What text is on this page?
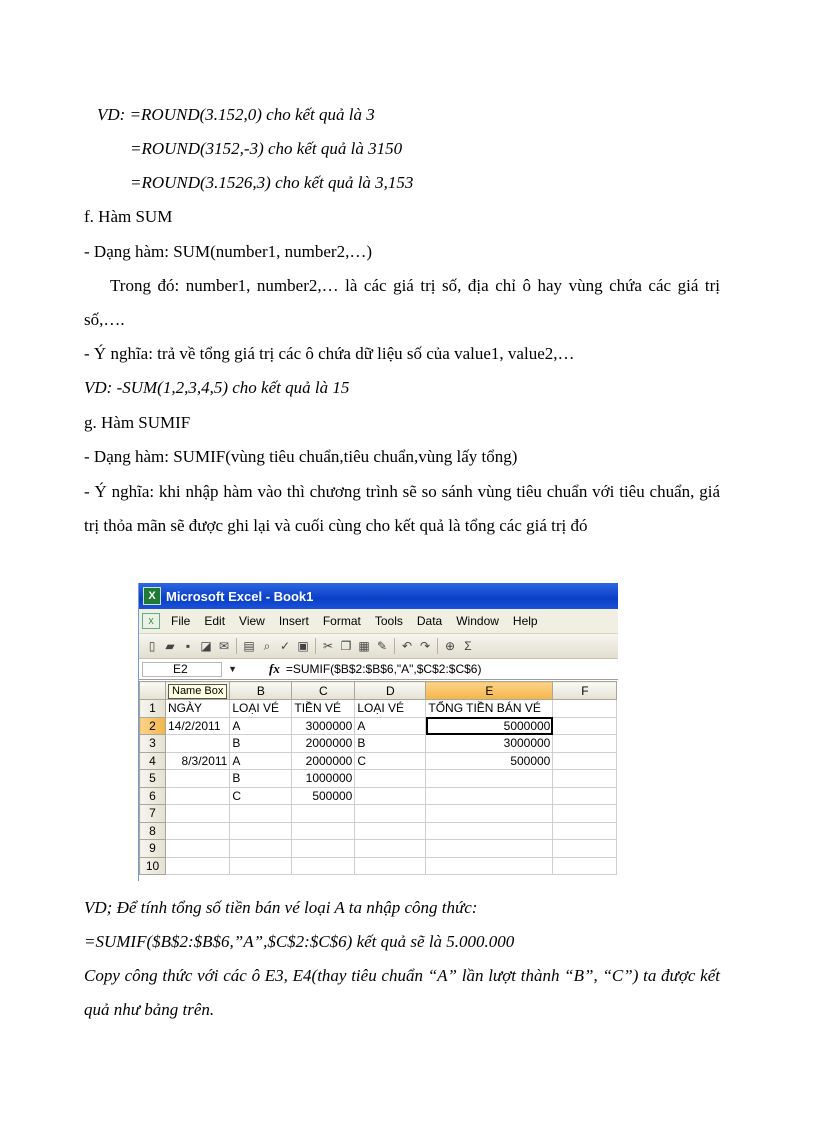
VD: =ROUND(3.152,0) cho kết quả là 3
=ROUND(3152,-3) cho kết quả là 3150
=ROUND(3.1526,3) cho kết quả là 3,153
f. Hàm SUM
- Dạng hàm: SUM(number1, number2,…)
Trong đó: number1, number2,… là các giá trị số, địa chỉ ô hay vùng chứa các giá trị số,….
- Ý nghĩa: trả về tổng giá trị các ô chứa dữ liệu số của value1, value2,…
VD: -SUM(1,2,3,4,5) cho kết quả là 15
g. Hàm SUMIF
- Dạng hàm: SUMIF(vùng tiêu chuẩn,tiêu chuẩn,vùng lấy tổng)
- Ý nghĩa: khi nhập hàm vào thì chương trình sẽ so sánh vùng tiêu chuẩn với tiêu chuẩn, giá trị thỏa mãn sẽ được ghi lại và cuối cùng cho kết quả là tổng các giá trị đó
X Microsoft Excel - Book1
X	File	Edit	View	Insert	Format	Tools	Data	Window	Help
▯ ▰ ▪ ◪ ✉ ▤ ⌕ ✓ ▣ ✂ ❐ ▦ ✎ ↶ ↷ ⊕ Σ
E2	▼ fx =SUMIF($B$2:$B$6,"A",$C$2:$C$6)
	Name Box	B	C	D	E	F
1	NGÀY	LOẠI VÉ	TIỀN VÉ	LOẠI VÉ	TỔNG TIỀN BÁN VÉ	
2	14/2/2011	A	3000000	A	5000000	
3		B	2000000	B	3000000	
4	8/3/2011	A	2000000	C	500000	
5		B	1000000			
6		C	500000			
7						
8						
9						
10						
VD; Để tính tổng số tiền bán vé loại A ta nhập công thức:
=SUMIF($B$2:$B$6,”A”,$C$2:$C$6) kết quả sẽ là 5.000.000
Copy công thức với các ô E3, E4(thay tiêu chuẩn “A” lần lượt thành “B”, “C”) ta được kết quả như bảng trên.
